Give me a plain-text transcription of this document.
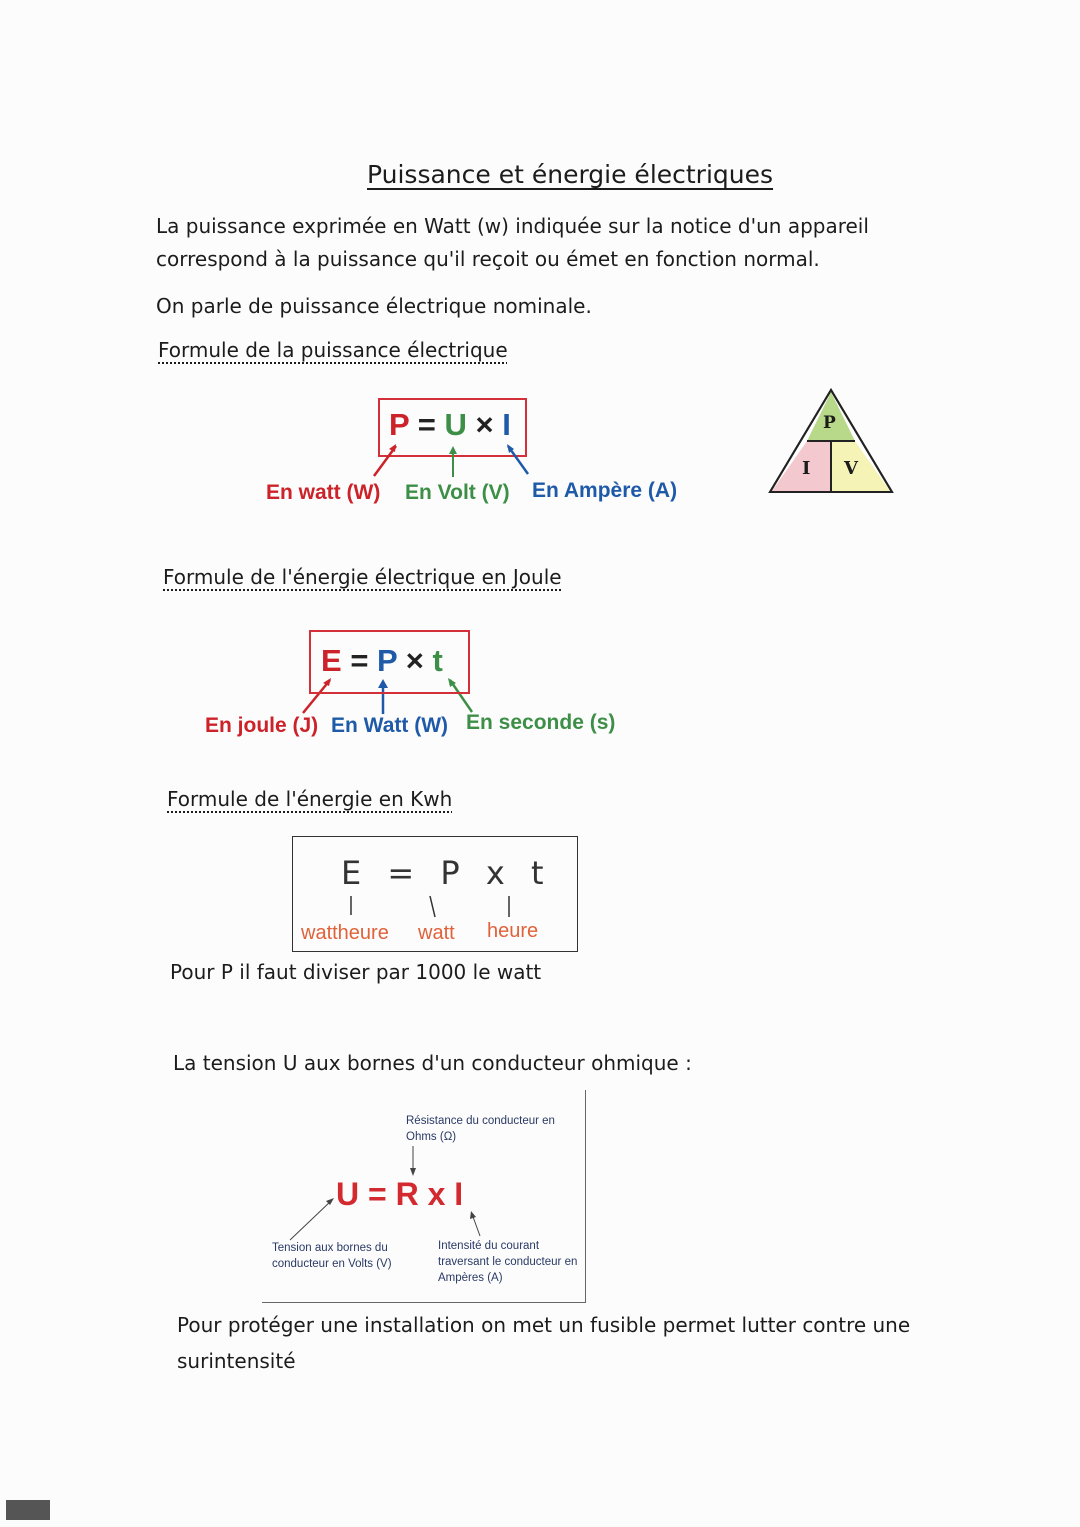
Puissance et énergie électriques
La puissance exprimée en Watt (w) indiquée sur la notice d'un appareil
correspond à la puissance qu'il reçoit ou émet en fonction normal.
On parle de puissance électrique nominale.
Formule de la puissance électrique
P = U × I
En watt (W) En Volt (V) En Ampère (A)
P
I V
Formule de l'énergie électrique en Joule
E = P × t
En joule (J) En Watt (W) En seconde (s)
Formule de l'énergie en Kwh
E = P x t
wattheure watt heure
Pour P il faut diviser par 1000 le watt
La tension U aux bornes d'un conducteur ohmique :
Résistance du conducteur en Ohms (Ω)
U = R x I
Tension aux bornes du conducteur en Volts (V)
Intensité du courant traversant le conducteur en Ampères (A)
Pour protéger une installation on met un fusible permet lutter contre une
surintensité
